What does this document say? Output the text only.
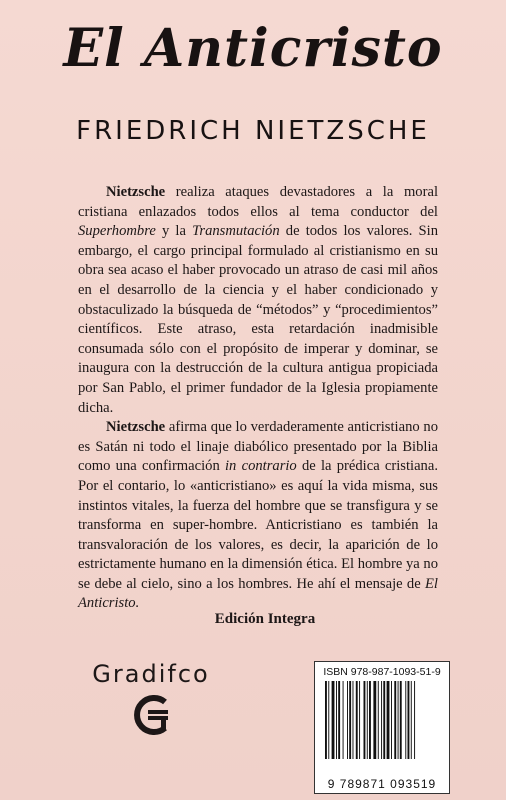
El Anticristo
FRIEDRICH NIETZSCHE

Nietzsche realiza ataques devastadores a la moral cristiana enlazados todos ellos al tema conductor del Superhombre y la Transmutación de todos los valores. Sin embargo, el cargo principal formulado al cristianismo en su obra sea acaso el haber provocado un atraso de casi mil años en el desarrollo de la ciencia y el haber condicionado y obstaculizado la búsqueda de “métodos” y “procedimientos” científicos. Este atraso, esta retardación inadmisible consumada sólo con el propósito de imperar y dominar, se inaugura con la destrucción de la cultura antigua propiciada por San Pablo, el primer fundador de la Iglesia propiamente dicha.

Nietzsche afirma que lo verdaderamente anticristiano no es Satán ni todo el linaje diabólico presentado por la Biblia como una confirmación in contrario de la prédica cristiana. Por el contario, lo «anticristiano» es aquí la vida misma, sus instintos vitales, la fuerza del hombre que se transfigura y se transforma en super-hombre. Anticristiano es también la transvaloración de los valores, es decir, la aparición de lo estrictamente humano en la dimensión ética. El hombre ya no se debe al cielo, sino a los hombres. He ahí el mensaje de El Anticristo.

Edición Integra
Gradifco	ISBN 978-987-1093-51-9
9 789871 093519
